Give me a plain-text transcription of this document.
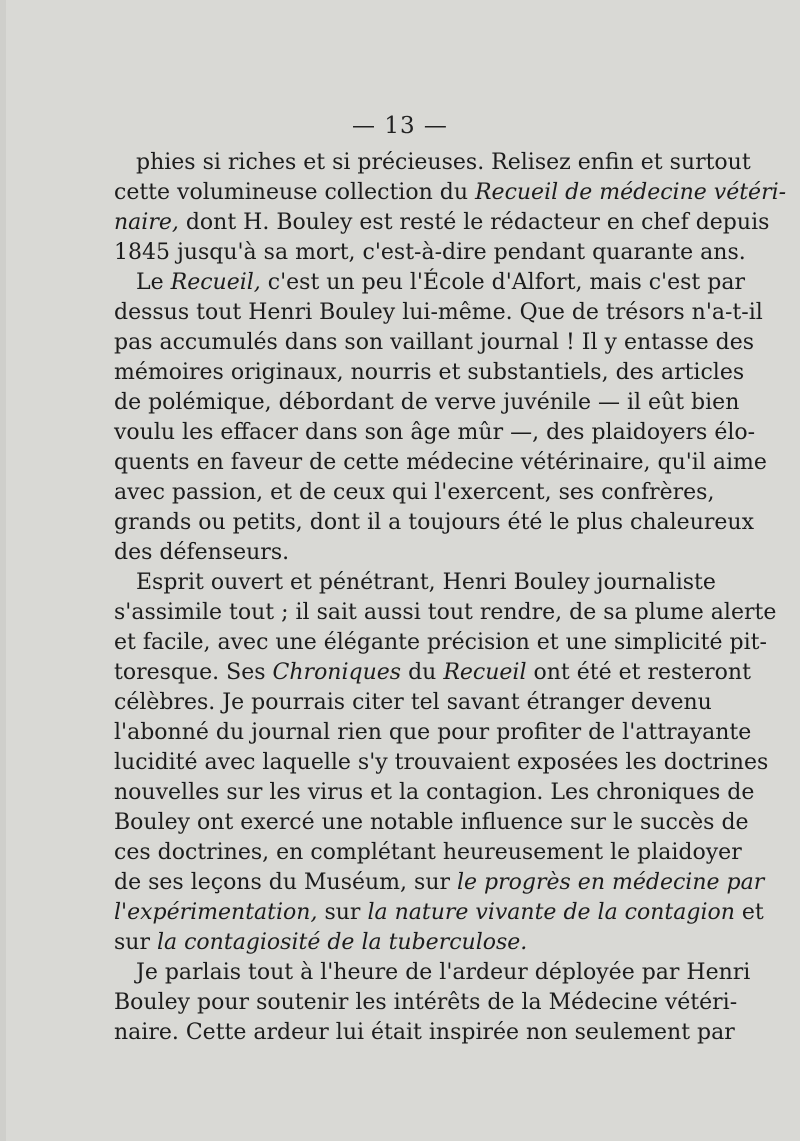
— 13 —
phies si riches et si précieuses. Relisez enfin et surtout
cette volumineuse collection du Recueil de médecine vétéri-
naire, dont H. Bouley est resté le rédacteur en chef depuis
1845 jusqu'à sa mort, c'est-à-dire pendant quarante ans.
Le Recueil, c'est un peu l'École d'Alfort, mais c'est par
dessus tout Henri Bouley lui-même. Que de trésors n'a-t-il
pas accumulés dans son vaillant journal ! Il y entasse des
mémoires originaux, nourris et substantiels, des articles
de polémique, débordant de verve juvénile — il eût bien
voulu les effacer dans son âge mûr —, des plaidoyers élo-
quents en faveur de cette médecine vétérinaire, qu'il aime
avec passion, et de ceux qui l'exercent, ses confrères,
grands ou petits, dont il a toujours été le plus chaleureux
des défenseurs.
Esprit ouvert et pénétrant, Henri Bouley journaliste
s'assimile tout ; il sait aussi tout rendre, de sa plume alerte
et facile, avec une élégante précision et une simplicité pit-
toresque. Ses Chroniques du Recueil ont été et resteront
célèbres. Je pourrais citer tel savant étranger devenu
l'abonné du journal rien que pour profiter de l'attrayante
lucidité avec laquelle s'y trouvaient exposées les doctrines
nouvelles sur les virus et la contagion. Les chroniques de
Bouley ont exercé une notable influence sur le succès de
ces doctrines, en complétant heureusement le plaidoyer
de ses leçons du Muséum, sur le progrès en médecine par
l'expérimentation, sur la nature vivante de la contagion et
sur la contagiosité de la tuberculose.
Je parlais tout à l'heure de l'ardeur déployée par Henri
Bouley pour soutenir les intérêts de la Médecine vétéri-
naire. Cette ardeur lui était inspirée non seulement par
